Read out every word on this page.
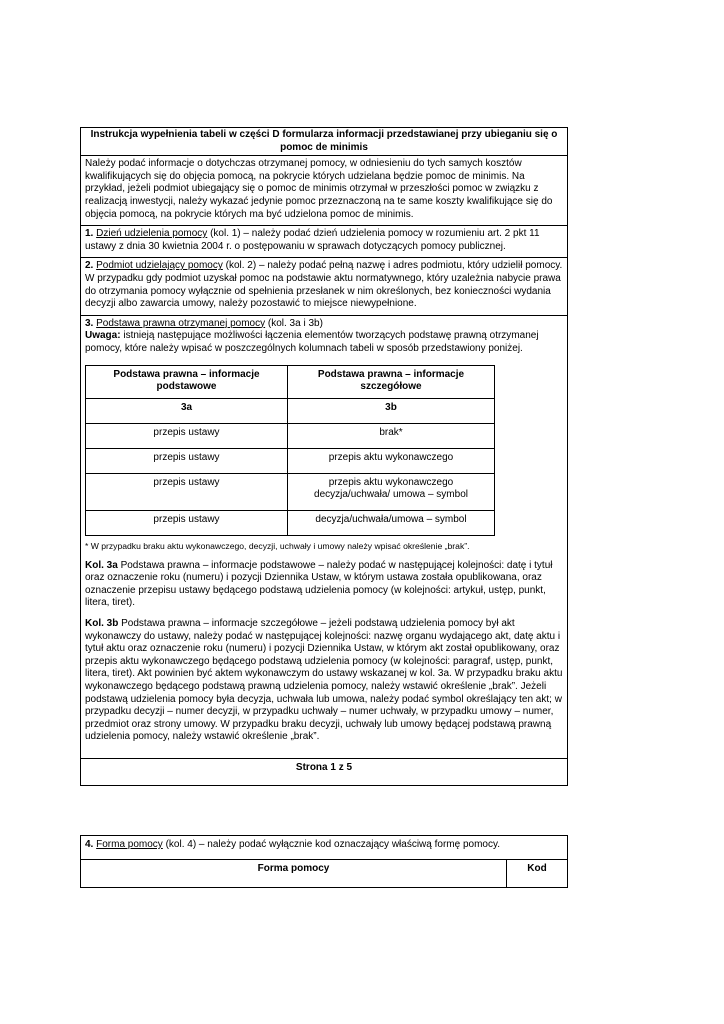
Instrukcja wypełnienia tabeli w części D formularza informacji przedstawianej przy ubieganiu się o pomoc de minimis

Należy podać informacje o dotychczas otrzymanej pomocy, w odniesieniu do tych samych kosztów kwalifikujących się do objęcia pomocą, na pokrycie których udzielana będzie pomoc de minimis. Na przykład, jeżeli podmiot ubiegający się o pomoc de minimis otrzymał w przeszłości pomoc w związku z realizacją inwestycji, należy wykazać jedynie pomoc przeznaczoną na te same koszty kwalifikujące się do objęcia pomocą, na pokrycie których ma być udzielona pomoc de minimis.

1. Dzień udzielenia pomocy (kol. 1) – należy podać dzień udzielenia pomocy w rozumieniu art. 2 pkt 11 ustawy z dnia 30 kwietnia 2004 r. o postępowaniu w sprawach dotyczących pomocy publicznej.

2. Podmiot udzielający pomocy (kol. 2) – należy podać pełną nazwę i adres podmiotu, który udzielił pomocy. W przypadku gdy podmiot uzyskał pomoc na podstawie aktu normatywnego, który uzależnia nabycie prawa do otrzymania pomocy wyłącznie od spełnienia przesłanek w nim określonych, bez konieczności wydania decyzji albo zawarcia umowy, należy pozostawić to miejsce niewypełnione.

3. Podstawa prawna otrzymanej pomocy (kol. 3a i 3b)

Uwaga: istnieją następujące możliwości łączenia elementów tworzących podstawę prawną otrzymanej pomocy, które należy wpisać w poszczególnych kolumnach tabeli w sposób przedstawiony poniżej.

Podstawa prawna – informacje podstawowe	Podstawa prawna – informacje szczegółowe
3a	3b
przepis ustawy	brak*
przepis ustawy	przepis aktu wykonawczego
przepis ustawy	przepis aktu wykonawczego decyzja/uchwała/ umowa – symbol
przepis ustawy	decyzja/uchwała/umowa – symbol
* W przypadku braku aktu wykonawczego, decyzji, uchwały i umowy należy wpisać określenie „brak”.

Kol. 3a Podstawa prawna – informacje podstawowe – należy podać w następującej kolejności: datę i tytuł oraz oznaczenie roku (numeru) i pozycji Dziennika Ustaw, w którym ustawa została opublikowana, oraz oznaczenie przepisu ustawy będącego podstawą udzielenia pomocy (w kolejności: artykuł, ustęp, punkt, litera, tiret).

Kol. 3b Podstawa prawna – informacje szczegółowe – jeżeli podstawą udzielenia pomocy był akt wykonawczy do ustawy, należy podać w następującej kolejności: nazwę organu wydającego akt, datę aktu i tytuł aktu oraz oznaczenie roku (numeru) i pozycji Dziennika Ustaw, w którym akt został opublikowany, oraz przepis aktu wykonawczego będącego podstawą udzielenia pomocy (w kolejności: paragraf, ustęp, punkt, litera, tiret). Akt powinien być aktem wykonawczym do ustawy wskazanej w kol. 3a. W przypadku braku aktu wykonawczego będącego podstawą prawną udzielenia pomocy, należy wstawić określenie „brak”. Jeżeli podstawą udzielenia pomocy była decyzja, uchwała lub umowa, należy podać symbol określający ten akt; w przypadku decyzji – numer decyzji, w przypadku uchwały – numer uchwały, w przypadku umowy – numer, przedmiot oraz strony umowy. W przypadku braku decyzji, uchwały lub umowy będącej podstawą prawną udzielenia pomocy, należy wstawić określenie „brak”.

Strona 1 z 5
4. Forma pomocy (kol. 4) – należy podać wyłącznie kod oznaczający właściwą formę pomocy.
Forma pomocy	Kod
